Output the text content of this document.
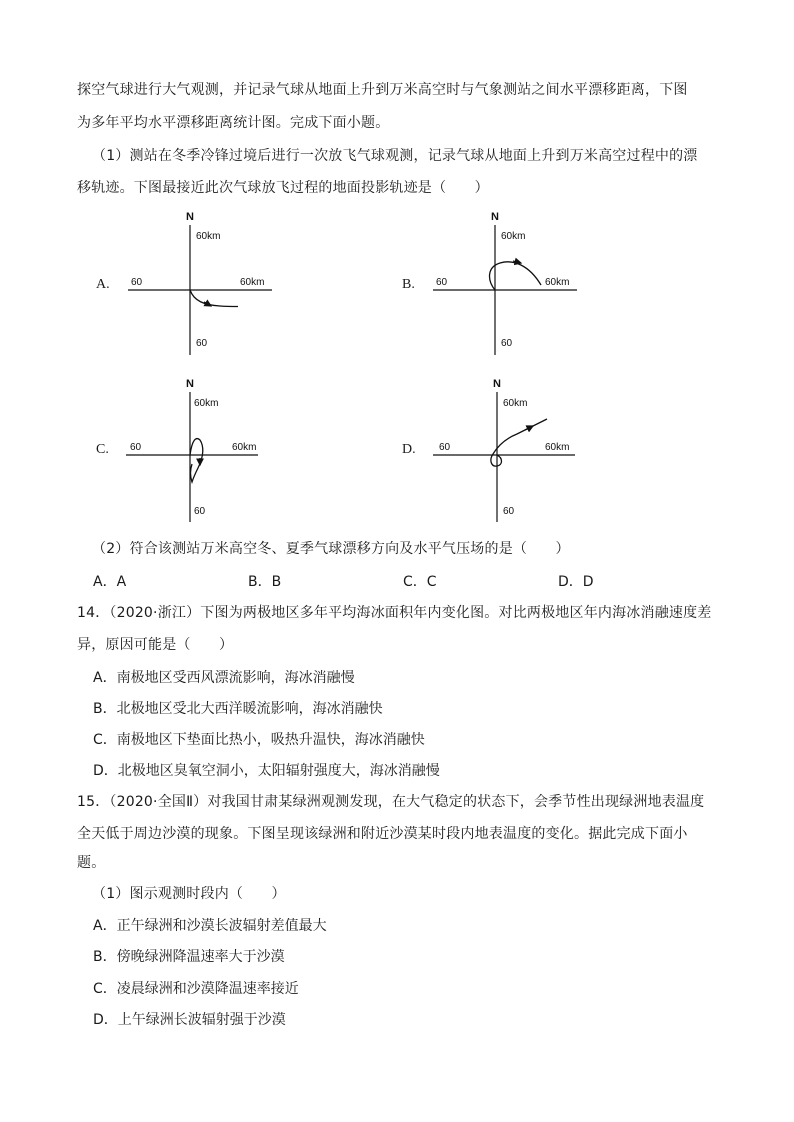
探空气球进行大气观测，并记录气球从地面上升到万米高空时与气象测站之间水平漂移距离，下图
为多年平均水平漂移距离统计图。完成下面小题。
（1）测站在冬季冷锋过境后进行一次放飞气球观测，记录气球从地面上升到万米高空过程中的漂
移轨迹。下图最接近此次气球放飞过程的地面投影轨迹是（　　）
A.
N
60km
60	60km
60
B.
N
60km
60	60km
60
C.
N
60km
60	60km
60
D.
N
60km
60	60km
60
（2）符合该测站万米高空冬、夏季气球漂移方向及水平气压场的是（　　）
A．A	B．B	C．C	D．D
14．（2020·浙江）下图为两极地区多年平均海冰面积年内变化图。对比两极地区年内海冰消融速度差
异，原因可能是（　　）
A．南极地区受西风漂流影响，海冰消融慢
B．北极地区受北大西洋暖流影响，海冰消融快
C．南极地区下垫面比热小，吸热升温快，海冰消融快
D．北极地区臭氧空洞小，太阳辐射强度大，海冰消融慢
15．（2020·全国Ⅱ）对我国甘肃某绿洲观测发现，在大气稳定的状态下，会季节性出现绿洲地表温度
全天低于周边沙漠的现象。下图呈现该绿洲和附近沙漠某时段内地表温度的变化。据此完成下面小
题。
（1）图示观测时段内（　　）
A．正午绿洲和沙漠长波辐射差值最大
B．傍晚绿洲降温速率大于沙漠
C．凌晨绿洲和沙漠降温速率接近
D．上午绿洲长波辐射强于沙漠
